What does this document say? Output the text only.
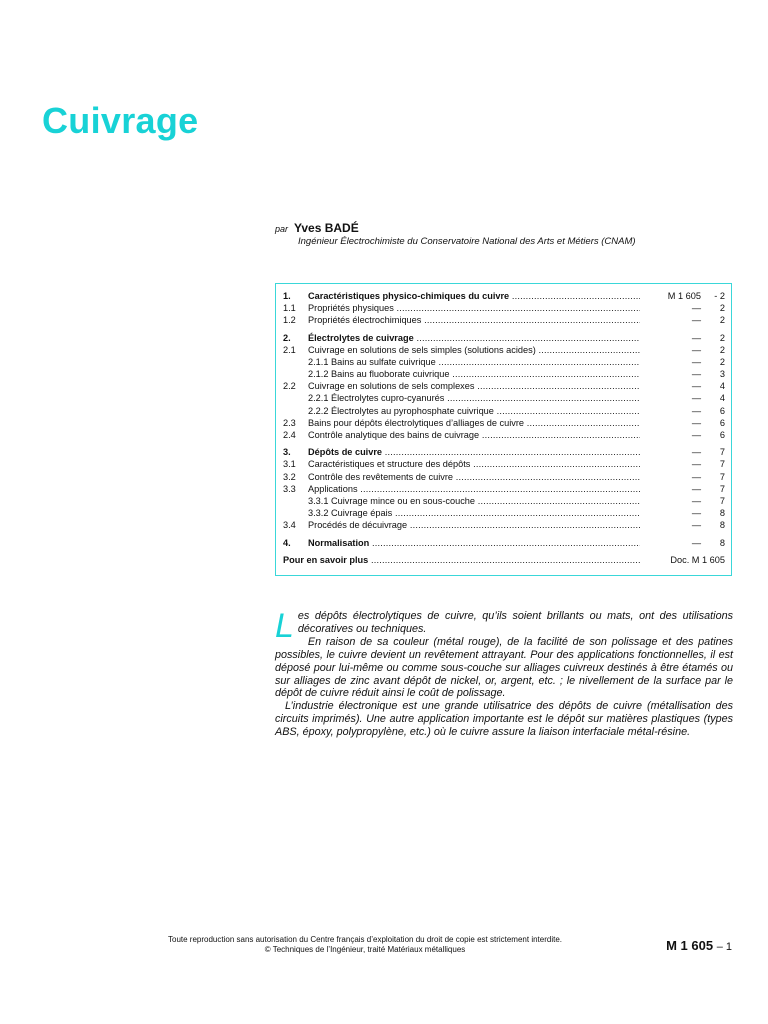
Cuivrage
par Yves BADÉ
Ingénieur Électrochimiste du Conservatoire National des Arts et Métiers (CNAM)
1.	Caractéristiques physico-chimiques du cuivre .....	M 1 605	- 2
1.1	Propriétés physiques .....	—	2
1.2	Propriétés électrochimiques .....	—	2
2.	Électrolytes de cuivrage .....	—	2
2.1	Cuivrage en solutions de sels simples (solutions acides) .....	—	2
2.1.1 Bains au sulfate cuivrique .....	—	2
2.1.2 Bains au fluoborate cuivrique .....	—	3
2.2	Cuivrage en solutions de sels complexes .....	—	4
2.2.1 Électrolytes cupro-cyanurés .....	—	4
2.2.2 Électrolytes au pyrophosphate cuivrique .....	—	6
2.3	Bains pour dépôts électrolytiques d’alliages de cuivre .....	—	6
2.4	Contrôle analytique des bains de cuivrage .....	—	6
3.	Dépôts de cuivre .....	—	7
3.1	Caractéristiques et structure des dépôts .....	—	7
3.2	Contrôle des revêtements de cuivre .....	—	7
3.3	Applications .....	—	7
3.3.1 Cuivrage mince ou en sous-couche .....	—	7
3.3.2 Cuivrage épais .....	—	8
3.4	Procédés de décuivrage .....	—	8
4.	Normalisation .....	—	8
Pour en savoir plus .....	Doc. M 1 605

Les dépôts électrolytiques de cuivre, qu’ils soient brillants ou mats, ont des utilisations décoratives ou techniques.

En raison de sa couleur (métal rouge), de la facilité de son polissage et des patines possibles, le cuivre devient un revêtement attrayant. Pour des applications fonctionnelles, il est déposé pour lui-même ou comme sous-couche sur alliages cuivreux destinés à être étamés ou sur alliages de zinc avant dépôt de nickel, or, argent, etc. ; le nivellement de la surface par le dépôt de cuivre réduit ainsi le coût de polissage.

L’industrie électronique est une grande utilisatrice des dépôts de cuivre (métallisation des circuits imprimés). Une autre application importante est le dépôt sur matières plastiques (types ABS, époxy, polypropylène, etc.) où le cuivre assure la liaison interfaciale métal-résine.

Toute reproduction sans autorisation du Centre français d’exploitation du droit de copie est strictement interdite.
© Techniques de l’Ingénieur, traité Matériaux métalliques	M 1 605 – 1
